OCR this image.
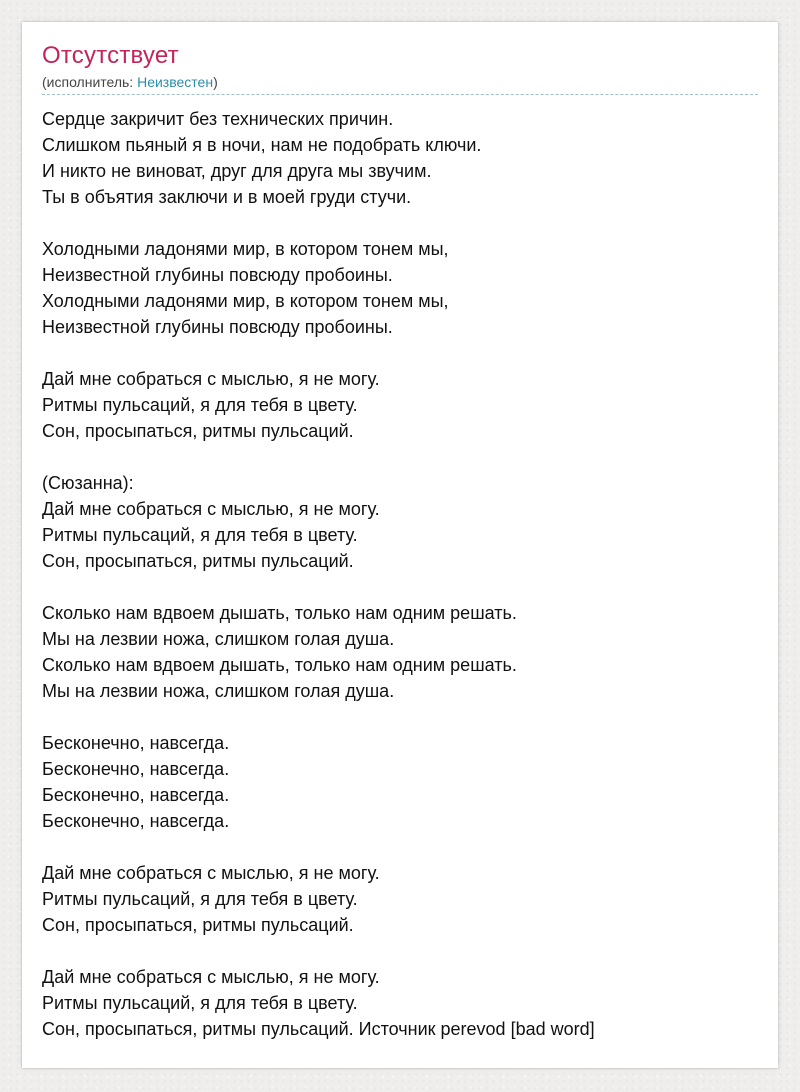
Отсутствует
(исполнитель: Неизвестен)
Сердце закричит без технических причин.
Слишком пьяный я в ночи, нам не подобрать ключи.
И никто не виноват, друг для друга мы звучим.
Ты в объятия заключи и в моей груди стучи.
Холодными ладонями мир, в котором тонем мы,
Неизвестной глубины повсюду пробоины.
Холодными ладонями мир, в котором тонем мы,
Неизвестной глубины повсюду пробоины.
Дай мне собраться с мыслью, я не могу.
Ритмы пульсаций, я для тебя в цвету.
Сон, просыпаться, ритмы пульсаций.
(Сюзанна):
Дай мне собраться с мыслью, я не могу.
Ритмы пульсаций, я для тебя в цвету.
Сон, просыпаться, ритмы пульсаций.
Сколько нам вдвоем дышать, только нам одним решать.
Мы на лезвии ножа, слишком голая душа.
Сколько нам вдвоем дышать, только нам одним решать.
Мы на лезвии ножа, слишком голая душа.
Бесконечно, навсегда.
Бесконечно, навсегда.
Бесконечно, навсегда.
Бесконечно, навсегда.
Дай мне собраться с мыслью, я не могу.
Ритмы пульсаций, я для тебя в цвету.
Сон, просыпаться, ритмы пульсаций.
Дай мне собраться с мыслью, я не могу.
Ритмы пульсаций, я для тебя в цвету.
Сон, просыпаться, ритмы пульсаций. Источник perevod [bad word]
